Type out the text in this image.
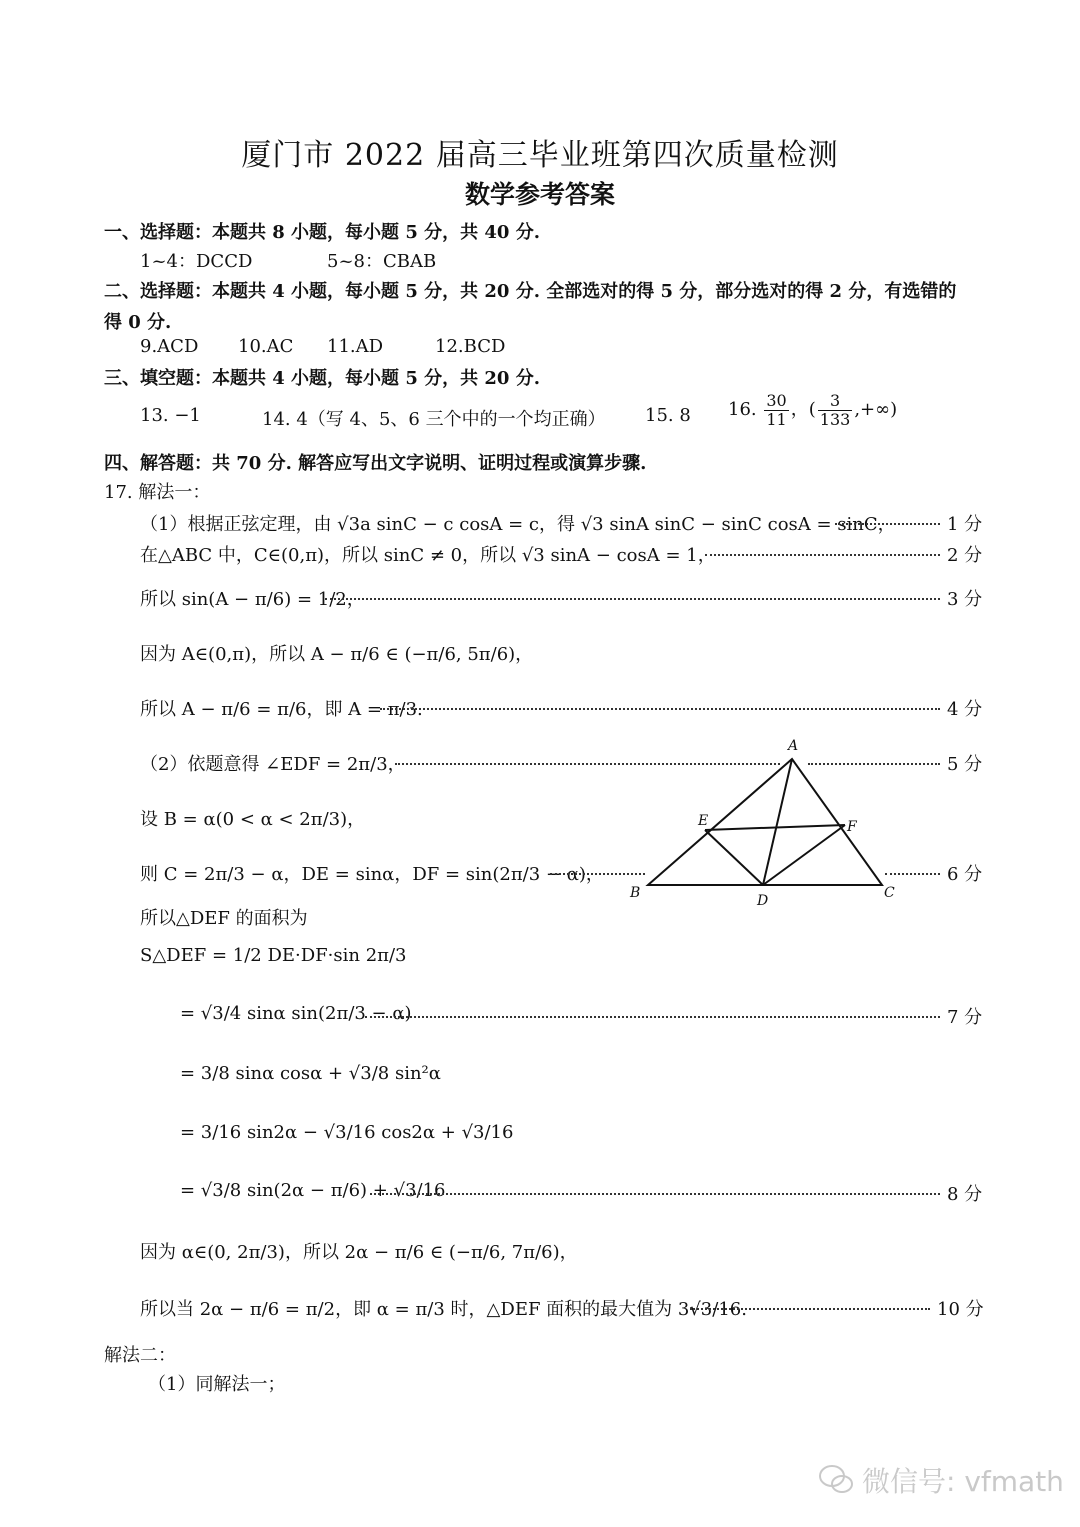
厦门市 2022 届高三毕业班第四次质量检测
数学参考答案
一、选择题：本题共 8 小题，每小题 5 分，共 40 分.
1~4：DCCD	5~8：CBAB
二、选择题：本题共 4 小题，每小题 5 分，共 20 分. 全部选对的得 5 分，部分选对的得 2 分，有选错的
得 0 分.
9.ACD 10.AC 11.AD	12.BCD
三、填空题：本题共 4 小题，每小题 5 分，共 20 分.
13. −1	14. 4（写 4、5、6 三个中的一个均正确） 15. 8 16. $\frac{30}{11}$ ，( $\frac{3}{133}$ ,+∞)
四、解答题：共 70 分. 解答应写出文字说明、证明过程或演算步骤.
17. 解法一：
（1）根据正弦定理，由 √3a sinC − c cosA = c，得 √3 sinA sinC − sinC cosA = sinC，	1 分
在△ABC 中，C∈(0,π)，所以 sinC ≠ 0，所以 √3 sinA − cosA = 1，	2 分
所以 sin(A − π/6) = 1/2，	3 分
因为 A∈(0,π)，所以 A − π/6 ∈ (−π/6, 5π/6)，
所以 A − π/6 = π/6，即 A = π/3.	4 分
（2）依题意得 ∠EDF = 2π/3，	5 分
设 B = α(0 < α < 2π/3)，
则 C = 2π/3 − α，DE = sinα，DF = sin(2π/3 − α)，	6 分
所以△DEF 的面积为
S△DEF = 1/2 DE·DF·sin 2π/3
= √3/4 sinα sin(2π/3 − α)	7 分
= 3/8 sinα cosα + √3/8 sin²α
= 3/16 sin2α − √3/16 cos2α + √3/16
= √3/8 sin(2α − π/6) + √3/16	8 分
因为 α∈(0, 2π/3)，所以 2α − π/6 ∈ (−π/6, 7π/6)，
所以当 2α − π/6 = π/2，即 α = π/3 时，△DEF 面积的最大值为 3√3/16.	10 分
解法二：
（1）同解法一；
A
B	C
D
E	F
微信号: vfmath
